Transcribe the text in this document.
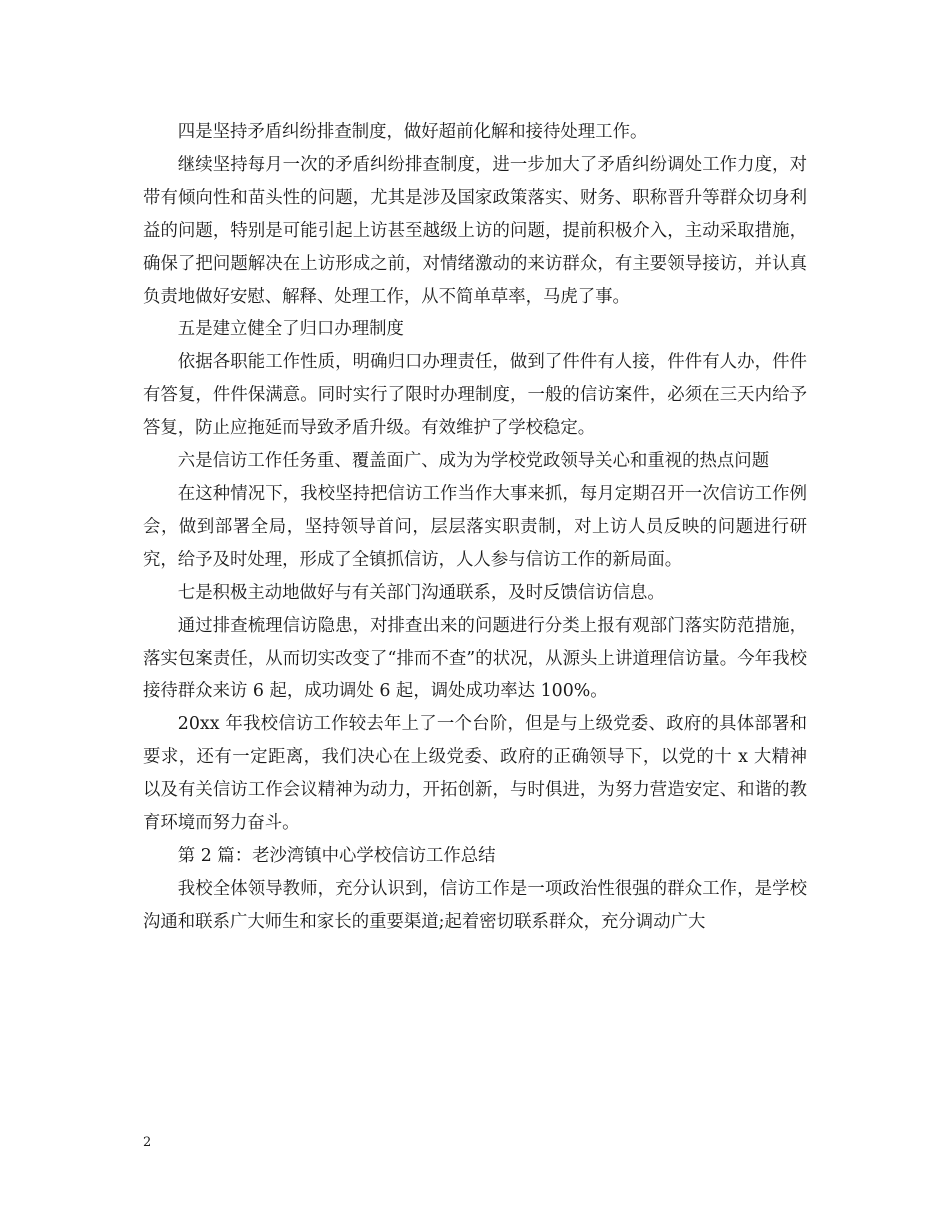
四是坚持矛盾纠纷排查制度，做好超前化解和接待处理工作。

继续坚持每月一次的矛盾纠纷排查制度，进一步加大了矛盾纠纷调处工作力度，对带有倾向性和苗头性的问题，尤其是涉及国家政策落实、财务、职称晋升等群众切身利益的问题，特别是可能引起上访甚至越级上访的问题，提前积极介入，主动采取措施，确保了把问题解决在上访形成之前，对情绪激动的来访群众，有主要领导接访，并认真负责地做好安慰、解释、处理工作，从不简单草率，马虎了事。

五是建立健全了归口办理制度

依据各职能工作性质，明确归口办理责任，做到了件件有人接，件件有人办，件件有答复，件件保满意。同时实行了限时办理制度，一般的信访案件，必须在三天内给予答复，防止应拖延而导致矛盾升级。有效维护了学校稳定。

六是信访工作任务重、覆盖面广、成为为学校党政领导关心和重视的热点问题

在这种情况下，我校坚持把信访工作当作大事来抓，每月定期召开一次信访工作例会，做到部署全局，坚持领导首问，层层落实职责制，对上访人员反映的问题进行研究，给予及时处理，形成了全镇抓信访，人人参与信访工作的新局面。

七是积极主动地做好与有关部门沟通联系，及时反馈信访信息。

通过排查梳理信访隐患，对排查出来的问题进行分类上报有观部门落实防范措施，落实包案责任，从而切实改变了“排而不查”的状况，从源头上讲道理信访量。今年我校接待群众来访 6 起，成功调处 6 起，调处成功率达 100%。

20xx 年我校信访工作较去年上了一个台阶，但是与上级党委、政府的具体部署和要求，还有一定距离，我们决心在上级党委、政府的正确领导下，以党的十 x 大精神以及有关信访工作会议精神为动力，开拓创新，与时俱进，为努力营造安定、和谐的教育环境而努力奋斗。

第 2 篇：老沙湾镇中心学校信访工作总结

我校全体领导教师，充分认识到，信访工作是一项政治性很强的群众工作，是学校沟通和联系广大师生和家长的重要渠道;起着密切联系群众，充分调动广大

2
